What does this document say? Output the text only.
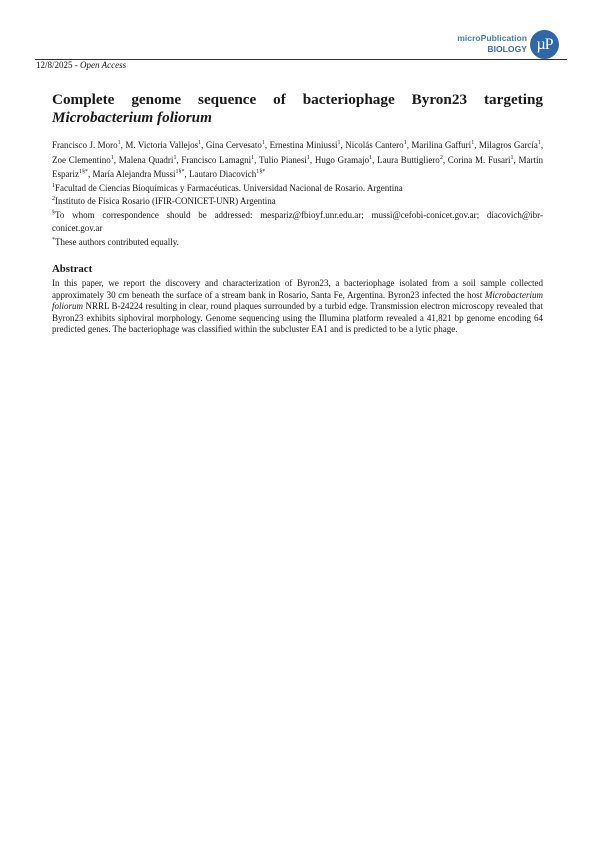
microPublication
BIOLOGY µP
12/8/2025 - Open Access
Complete genome sequence of bacteriophage Byron23 targeting
Microbacterium foliorum
Francisco J. Moro$^1$, M. Victoria Vallejos$^1$, Gina Cervesato$^1$, Ernestina Miniussi$^1$, Nicolás Cantero$^1$, Marilina Gaffuri$^1$, Milagros García$^1$, Zoe Clementino$^1$, Malena Quadri$^1$, Francisco Lamagni$^1$, Tulio Pianesi$^1$, Hugo Gramajo$^1$, Laura Buttigliero$^2$, Corina M. Fusari$^1$, Martín Espariz$^{1\S*}$, María Alejandra Mussi$^{1\S*}$, Lautaro Diacovich$^{1\S*}$
$^1$Facultad de Ciencias Bioquímicas y Farmacéuticas. Universidad Nacional de Rosario. Argentina
$^2$Instituto de Física Rosario (IFIR-CONICET-UNR) Argentina
§To whom correspondence should be addressed: mespariz@fbioyf.unr.edu.ar; mussi@cefobi-conicet.gov.ar; diacovich@ibr-conicet.gov.ar
*These authors contributed equally.
Abstract

In this paper, we report the discovery and characterization of Byron23, a bacteriophage isolated from a soil sample collected approximately 30 cm beneath the surface of a stream bank in Rosario, Santa Fe, Argentina. Byron23 infected the host Microbacterium foliorum NRRL B-24224 resulting in clear, round plaques surrounded by a turbid edge. Transmission electron microscopy revealed that Byron23 exhibits siphoviral morphology. Genome sequencing using the Illumina platform revealed a 41,821 bp genome encoding 64 predicted genes. The bacteriophage was classified within the subcluster EA1 and is predicted to be a lytic phage.
